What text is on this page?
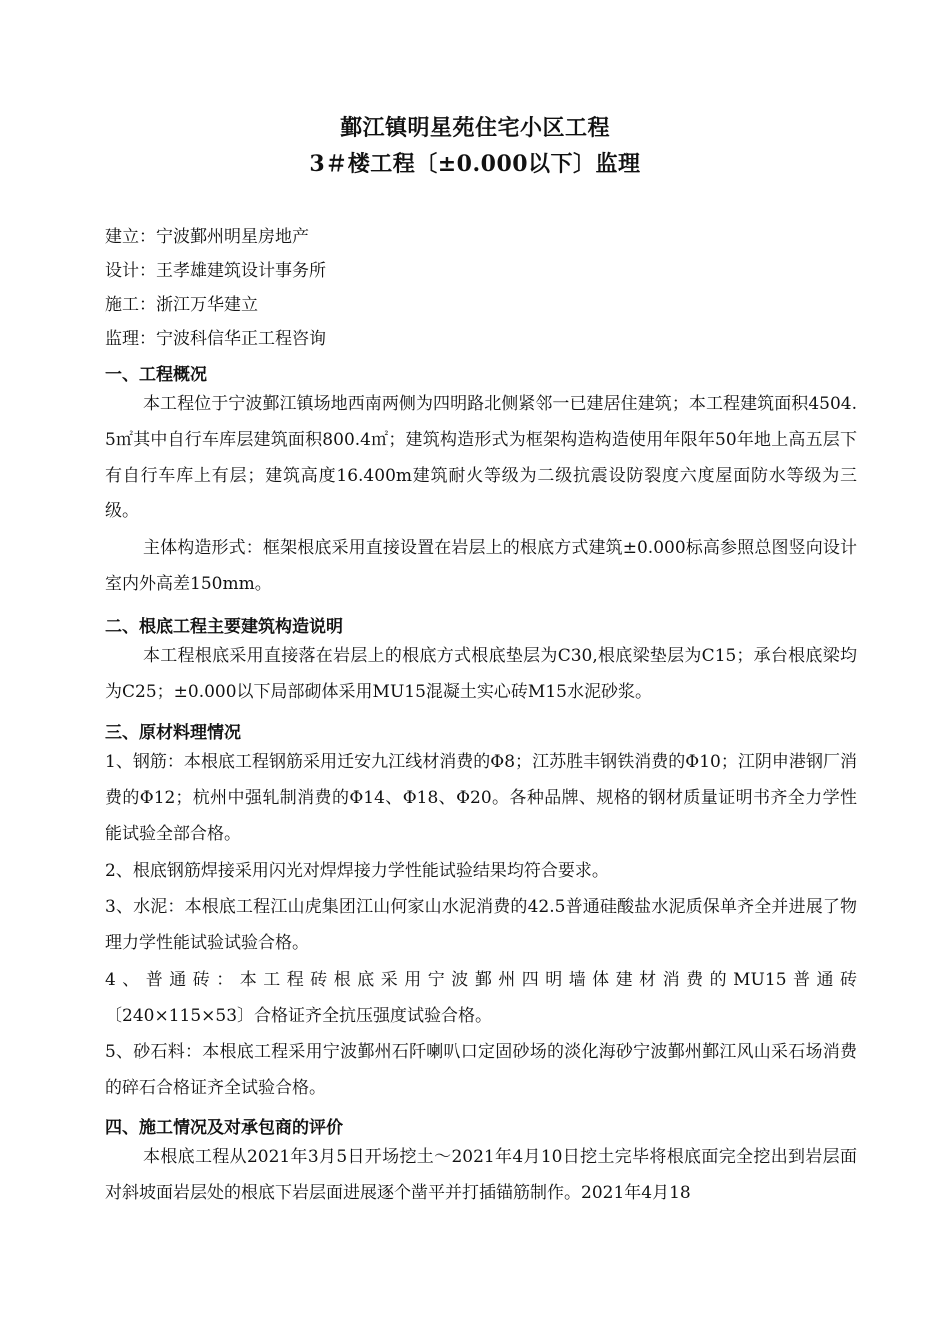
鄞江镇明星苑住宅小区工程
3＃楼工程〔±0.000以下〕监理
建立：宁波鄞州明星房地产
设计：王孝雄建筑设计事务所
施工：浙江万华建立
监理：宁波科信华正工程咨询
一、工程概况

本工程位于宁波鄞江镇场地西南两侧为四明路北侧紧邻一已建居住建筑；本工程建筑面积4504.5㎡其中自行车库层建筑面积800.4㎡；建筑构造形式为框架构造构造使用年限年50年地上高五层下有自行车库上有层；建筑高度16.400m建筑耐火等级为二级抗震设防裂度六度屋面防水等级为三级。

主体构造形式：框架根底采用直接设置在岩层上的根底方式建筑±0.000标高参照总图竖向设计室内外高差150mm。

二、根底工程主要建筑构造说明

本工程根底采用直接落在岩层上的根底方式根底垫层为C30,根底梁垫层为C15；承台根底梁均为C25；±0.000以下局部砌体采用MU15混凝土实心砖M15水泥砂浆。

三、原材料理情况

1、钢筋：本根底工程钢筋采用迁安九江线材消费的Φ8；江苏胜丰钢铁消费的Φ10；江阴申港钢厂消费的Φ12；杭州中强轧制消费的Φ14、Φ18、Φ20。各种品牌、规格的钢材质量证明书齐全力学性能试验全部合格。

2、根底钢筋焊接采用闪光对焊焊接力学性能试验结果均符合要求。

3、水泥：本根底工程江山虎集团江山何家山水泥消费的42.5普通硅酸盐水泥质保单齐全并进展了物理力学性能试验试验合格。

4、普通砖：本工程砖根底采用宁波鄞州四明墙体建材消费的MU15普通砖

〔240×115×53〕合格证齐全抗压强度试验合格。

5、砂石料：本根底工程采用宁波鄞州石阡喇叭口定固砂场的淡化海砂宁波鄞州鄞江风山采石场消费的碎石合格证齐全试验合格。

四、施工情况及对承包商的评价

本根底工程从2021年3月5日开场挖土～2021年4月10日挖土完毕将根底面完全挖出到岩层面对斜坡面岩层处的根底下岩层面进展逐个凿平并打插锚筋制作。2021年4月18
